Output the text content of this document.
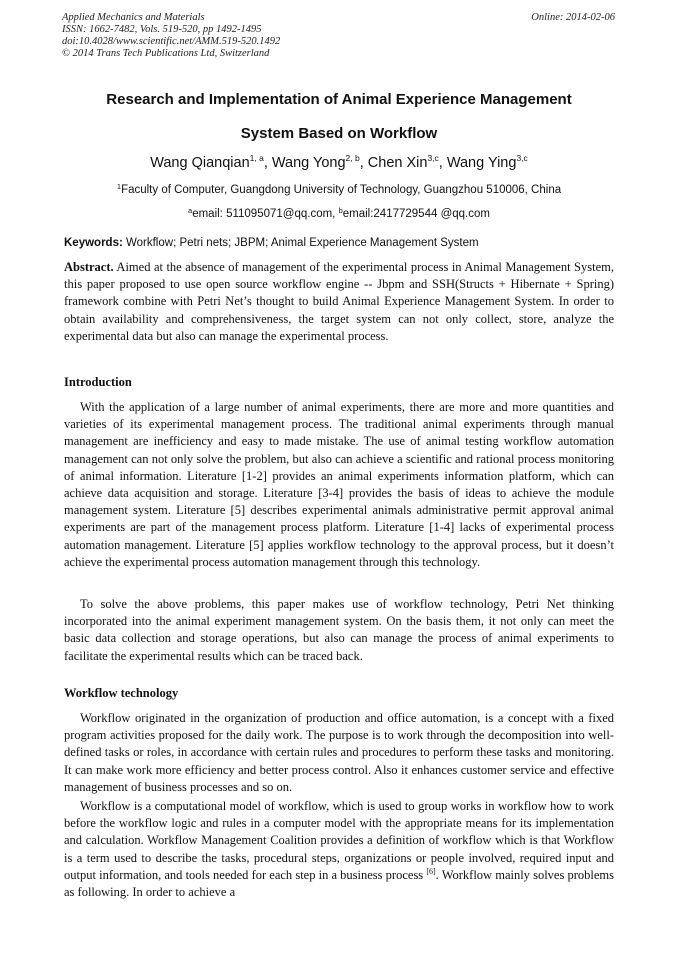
Applied Mechanics and Materials
ISSN: 1662-7482, Vols. 519-520, pp 1492-1495
doi:10.4028/www.scientific.net/AMM.519-520.1492
© 2014 Trans Tech Publications Ltd, Switzerland
Online: 2014-02-06
Research and Implementation of Animal Experience Management
System Based on Workflow
Wang Qianqian$^{1, a}$, Wang Yong$^{2, b}$, Chen Xin$^{3,c}$, Wang Ying$^{3,c}$
$^1$Faculty of Computer, Guangdong University of Technology, Guangzhou 510006, China
$^a$email: 511095071@qq.com, $^b$email:2417729544 @qq.com
Keywords: Workflow; Petri nets; JBPM; Animal Experience Management System
Abstract. Aimed at the absence of management of the experimental process in Animal Management System, this paper proposed to use open source workflow engine -- Jbpm and SSH(Structs + Hibernate + Spring) framework combine with Petri Net’s thought to build Animal Experience Management System. In order to obtain availability and comprehensiveness, the target system can not only collect, store, analyze the experimental data but also can manage the experimental process.
Introduction
With the application of a large number of animal experiments, there are more and more quantities and varieties of its experimental management process. The traditional animal experiments through manual management are inefficiency and easy to made mistake. The use of animal testing workflow automation management can not only solve the problem, but also can achieve a scientific and rational process monitoring of animal information. Literature [1-2] provides an animal experiments information platform, which can achieve data acquisition and storage. Literature [3-4] provides the basis of ideas to achieve the module management system. Literature [5] describes experimental animals administrative permit approval animal experiments are part of the management process platform. Literature [1-4] lacks of experimental process automation management. Literature [5] applies workflow technology to the approval process, but it doesn’t achieve the experimental process automation management through this technology.
To solve the above problems, this paper makes use of workflow technology, Petri Net thinking incorporated into the animal experiment management system. On the basis them, it not only can meet the basic data collection and storage operations, but also can manage the process of animal experiments to facilitate the experimental results which can be traced back.
Workflow technology
Workflow originated in the organization of production and office automation, is a concept with a fixed program activities proposed for the daily work. The purpose is to work through the decomposition into well-defined tasks or roles, in accordance with certain rules and procedures to perform these tasks and monitoring. It can make work more efficiency and better process control. Also it enhances customer service and effective management of business processes and so on.
Workflow is a computational model of workflow, which is used to group works in workflow how to work before the workflow logic and rules in a computer model with the appropriate means for its implementation and calculation. Workflow Management Coalition provides a definition of workflow which is that Workflow is a term used to describe the tasks, procedural steps, organizations or people involved, required input and output information, and tools needed for each step in a business process [6]. Workflow mainly solves problems as following. In order to achieve a
